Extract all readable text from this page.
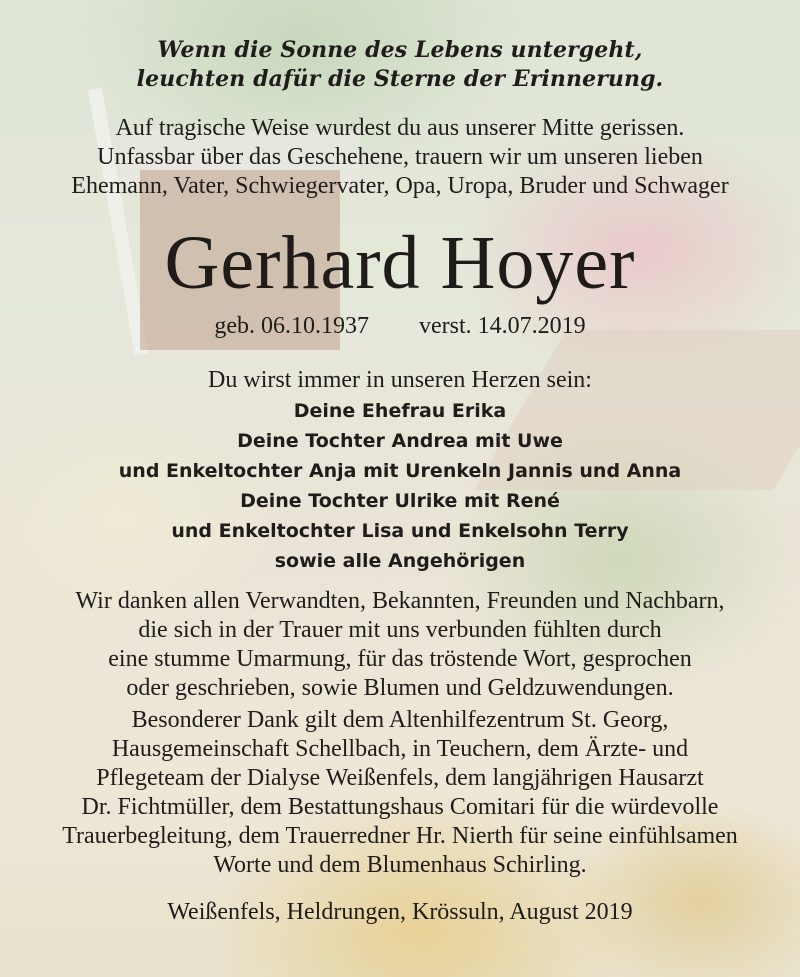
Wenn die Sonne des Lebens untergeht,
leuchten dafür die Sterne der Erinnerung.
Auf tragische Weise wurdest du aus unserer Mitte gerissen.
Unfassbar über das Geschehene, trauern wir um unseren lieben
Ehemann, Vater, Schwiegervater, Opa, Uropa, Bruder und Schwager
Gerhard Hoyer
geb. 06.10.1937 verst. 14.07.2019
Du wirst immer in unseren Herzen sein:
Deine Ehefrau Erika
Deine Tochter Andrea mit Uwe
und Enkeltochter Anja mit Urenkeln Jannis und Anna
Deine Tochter Ulrike mit René
und Enkeltochter Lisa und Enkelsohn Terry
sowie alle Angehörigen
Wir danken allen Verwandten, Bekannten, Freunden und Nachbarn,
die sich in der Trauer mit uns verbunden fühlten durch
eine stumme Umarmung, für das tröstende Wort, gesprochen
oder geschrieben, sowie Blumen und Geldzuwendungen.
Besonderer Dank gilt dem Altenhilfezentrum St. Georg,
Hausgemeinschaft Schellbach, in Teuchern, dem Ärzte- und
Pflegeteam der Dialyse Weißenfels, dem langjährigen Hausarzt
Dr. Fichtmüller, dem Bestattungshaus Comitari für die würdevolle
Trauerbegleitung, dem Trauerredner Hr. Nierth für seine einfühlsamen
Worte und dem Blumenhaus Schirling.
Weißenfels, Heldrungen, Krössuln, August 2019
